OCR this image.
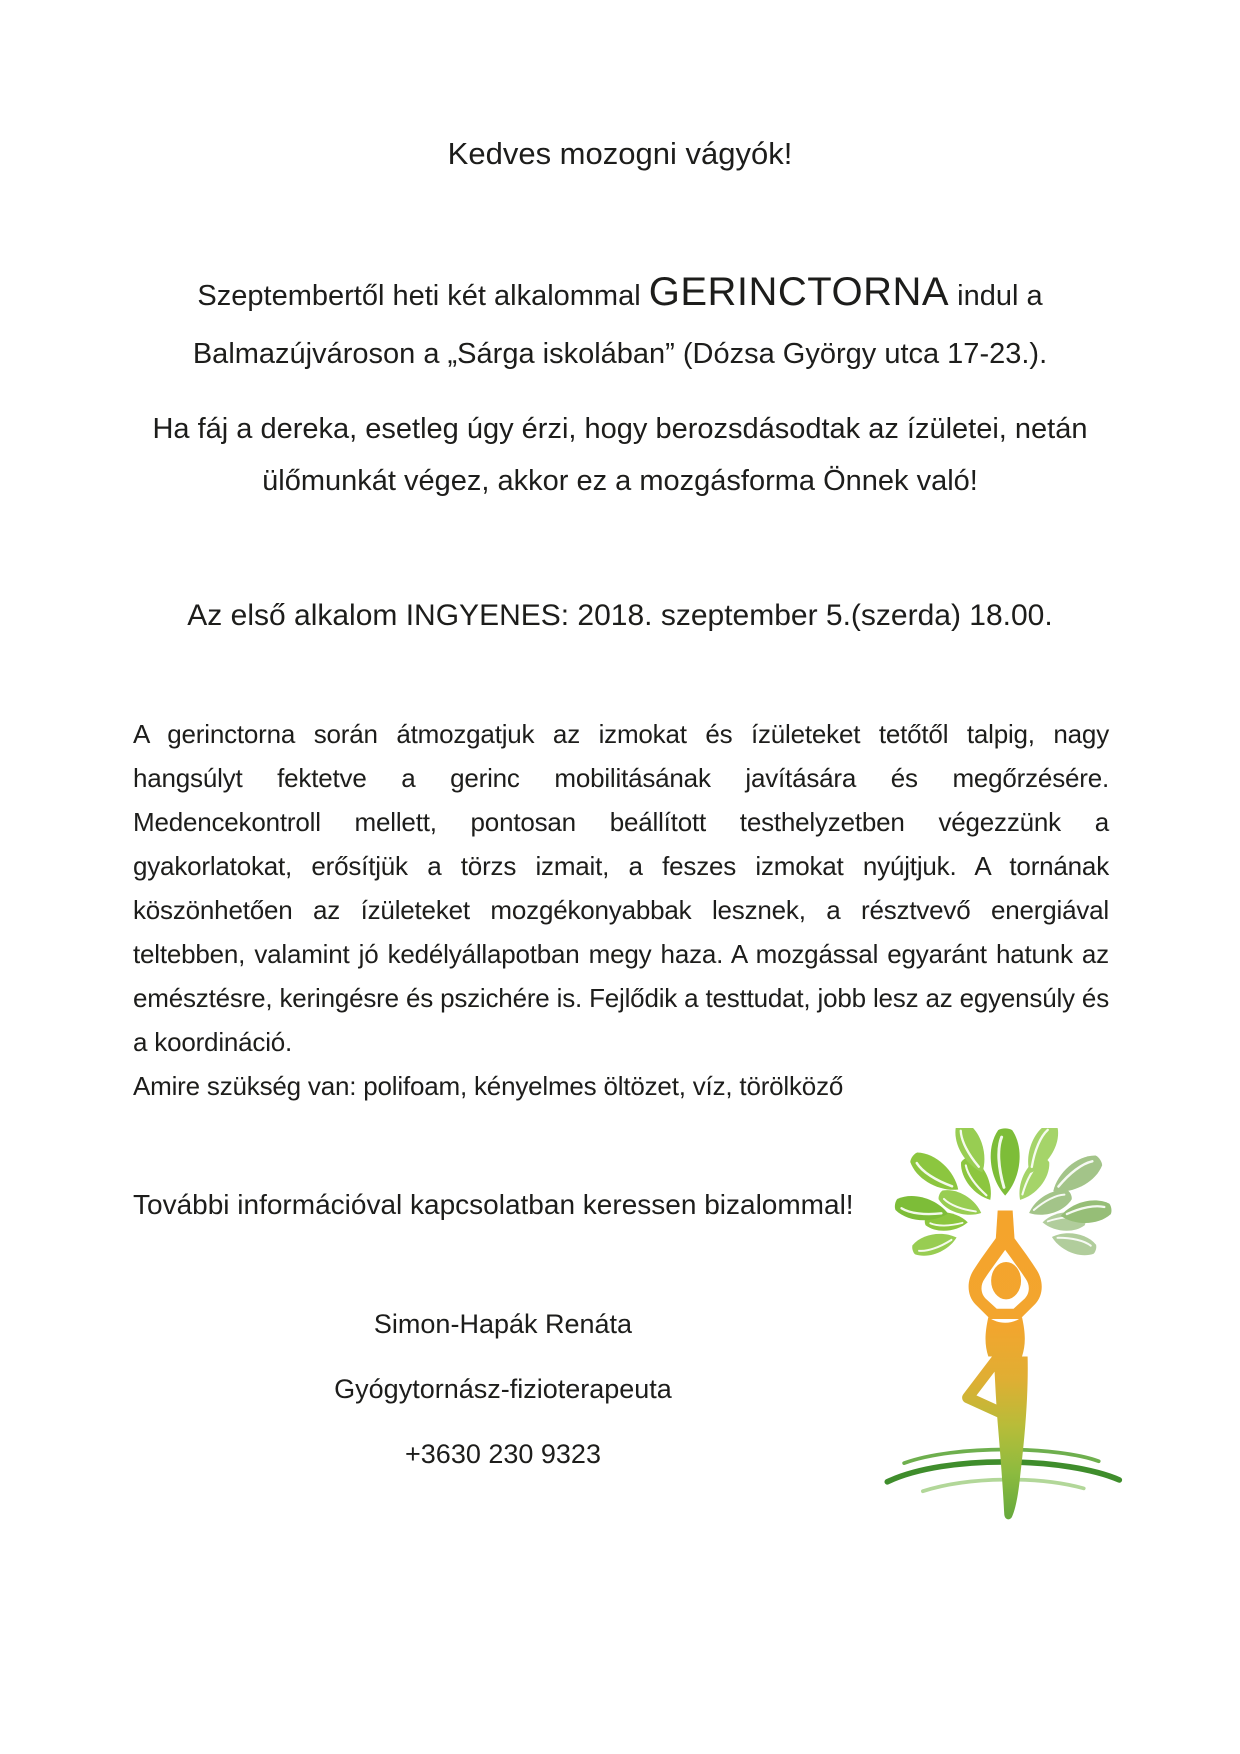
Kedves mozogni vágyók!

Szeptembertől heti két alkalommal GERINCTORNA indul a Balmazújvároson a „Sárga iskolában” (Dózsa György utca 17-23.).

Ha fáj a dereka, esetleg úgy érzi, hogy berozsdásodtak az ízületei, netán ülőmunkát végez, akkor ez a mozgásforma Önnek való!

Az első alkalom INGYENES: 2018. szeptember 5.(szerda) 18.00.

A gerinctorna során átmozgatjuk az izmokat és ízületeket tetőtől talpig, nagy hangsúlyt fektetve a gerinc mobilitásának javítására és megőrzésére. Medencekontroll mellett, pontosan beállított testhelyzetben végezzünk a gyakorlatokat, erősítjük a törzs izmait, a feszes izmokat nyújtjuk. A tornának köszönhetően az ízületeket mozgékonyabbak lesznek, a résztvevő energiával teltebben, valamint jó kedélyállapotban megy haza. A mozgással egyaránt hatunk az emésztésre, keringésre és pszichére is. Fejlődik a testtudat, jobb lesz az egyensúly és a koordináció.

Amire szükség van: polifoam, kényelmes öltözet, víz, törölköző

További információval kapcsolatban keressen bizalommal!

Simon-Hapák Renáta

Gyógytornász-fizioterapeuta

+3630 230 9323
